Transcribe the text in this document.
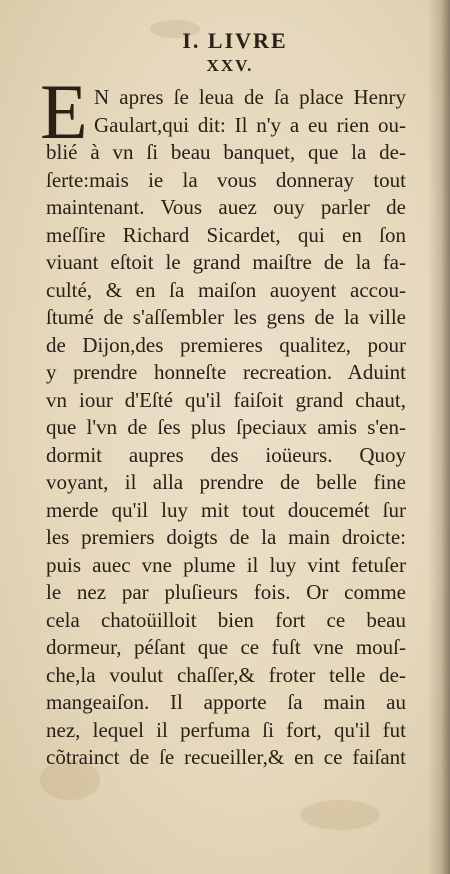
I. LIVRE
XXV.
E N apres ſe leua de ſa place Henry
Gaulart,qui dit: Il n'y a eu rien ou-
blié à vn ſi beau banquet, que la de-
ſerte:mais ie la vous donneray tout
maintenant. Vous auez ouy parler de
meſſire Richard Sicardet, qui en ſon
viuant eſtoit le grand maiſtre de la fa-
culté, & en ſa maiſon auoyent accou-
ſtumé de s'aſſembler les gens de la ville
de Dijon,des premieres qualitez, pour
y prendre honneſte recreation. Aduint
vn iour d'Eſté qu'il faiſoit grand chaut,
que l'vn de ſes plus ſpeciaux amis s'en-
dormit aupres des ioüeurs. Quoy
voyant, il alla prendre de belle fine
merde qu'il luy mit tout doucemét ſur
les premiers doigts de la main droicte:
puis auec vne plume il luy vint fetuſer
le nez par pluſieurs fois. Or comme
cela chatoüilloit bien fort ce beau
dormeur, péſant que ce fuſt vne mouſ-
che,la voulut chaſſer,& froter telle de-
mangeaiſon. Il apporte ſa main au
nez, lequel il perfuma ſi fort, qu'il fut
cõtrainct de ſe recueiller,& en ce faiſant
